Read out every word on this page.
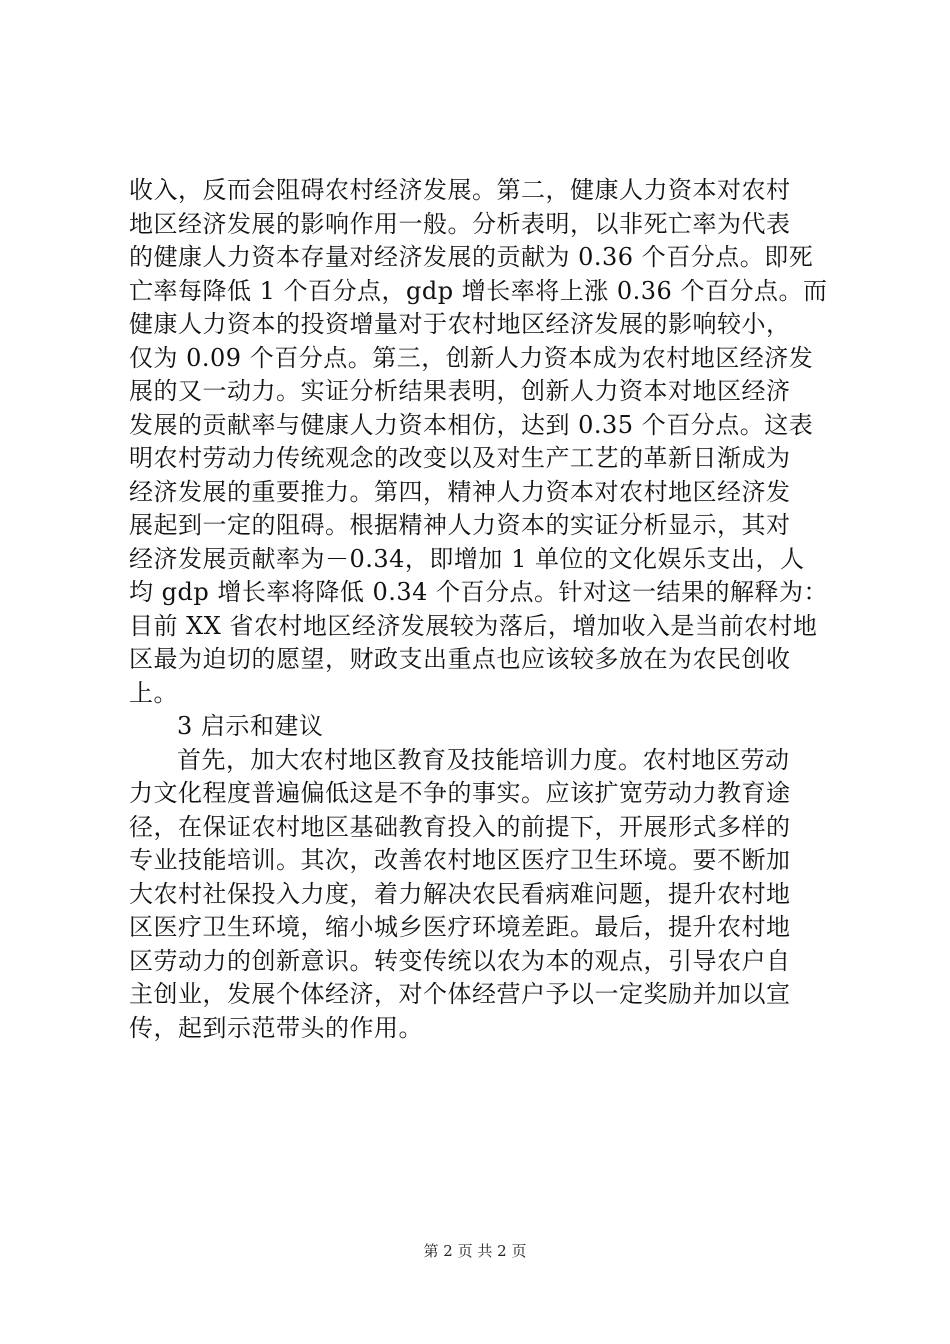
收入，反而会阻碍农村经济发展。第二，健康人力资本对农村
地区经济发展的影响作用一般。分析表明，以非死亡率为代表
的健康人力资本存量对经济发展的贡献为 0.36 个百分点。即死
亡率每降低 1 个百分点，gdp 增长率将上涨 0.36 个百分点。而
健康人力资本的投资增量对于农村地区经济发展的影响较小，
仅为 0.09 个百分点。第三，创新人力资本成为农村地区经济发
展的又一动力。实证分析结果表明，创新人力资本对地区经济
发展的贡献率与健康人力资本相仿，达到 0.35 个百分点。这表
明农村劳动力传统观念的改变以及对生产工艺的革新日渐成为
经济发展的重要推力。第四，精神人力资本对农村地区经济发
展起到一定的阻碍。根据精神人力资本的实证分析显示，其对
经济发展贡献率为－0.34，即增加 1 单位的文化娱乐支出，人
均 gdp 增长率将降低 0.34 个百分点。针对这一结果的解释为：
目前 XX 省农村地区经济发展较为落后，增加收入是当前农村地
区最为迫切的愿望，财政支出重点也应该较多放在为农民创收
上。
3 启示和建议
首先，加大农村地区教育及技能培训力度。农村地区劳动
力文化程度普遍偏低这是不争的事实。应该扩宽劳动力教育途
径，在保证农村地区基础教育投入的前提下，开展形式多样的
专业技能培训。其次，改善农村地区医疗卫生环境。要不断加
大农村社保投入力度，着力解决农民看病难问题，提升农村地
区医疗卫生环境，缩小城乡医疗环境差距。最后，提升农村地
区劳动力的创新意识。转变传统以农为本的观点，引导农户自
主创业，发展个体经济，对个体经营户予以一定奖励并加以宣
传，起到示范带头的作用。
第 2 页 共 2 页
